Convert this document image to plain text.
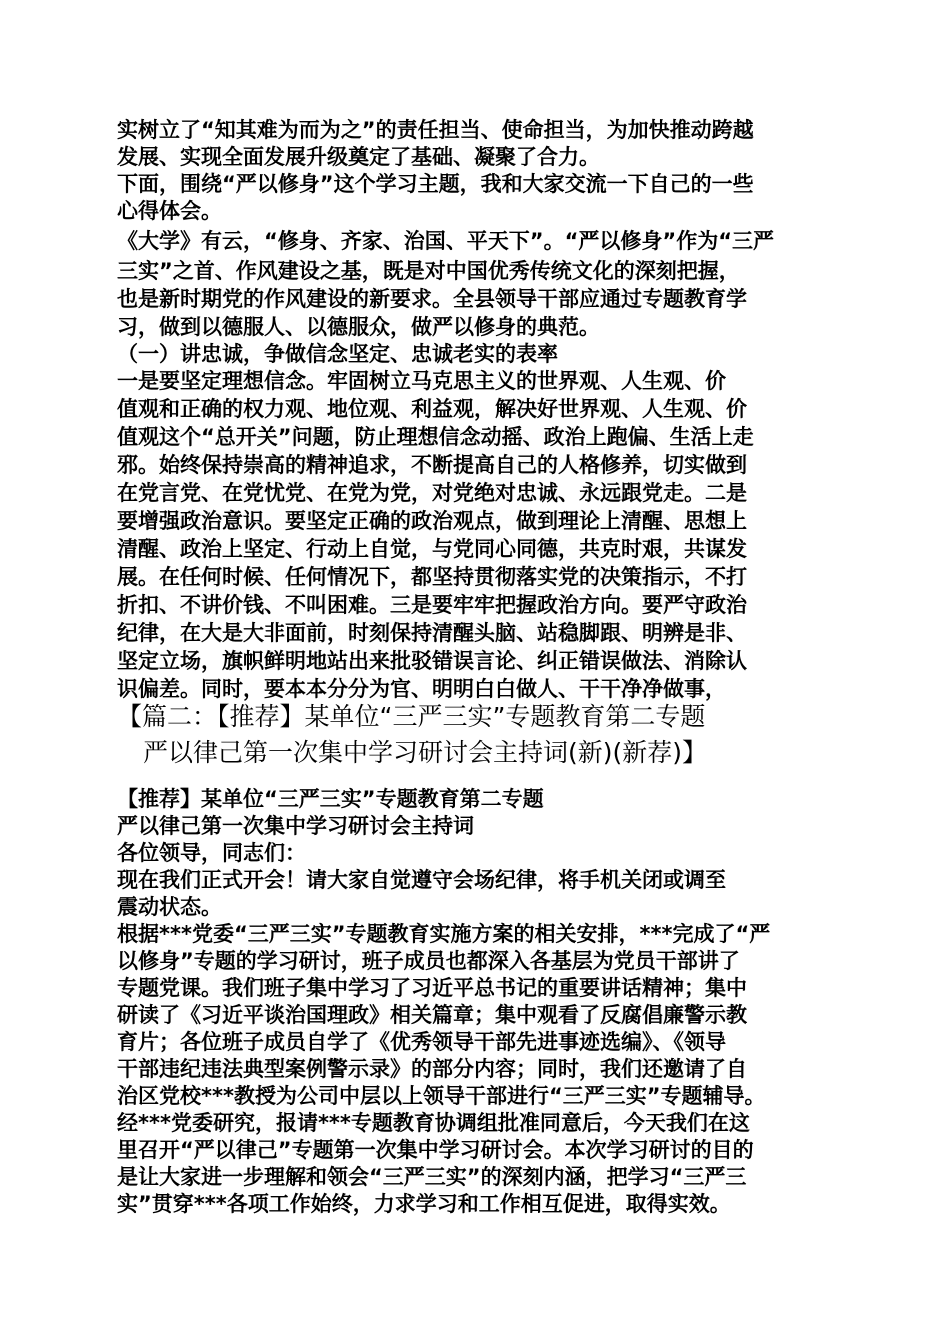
实树立了“知其难为而为之”的责任担当、使命担当，为加快推动跨越
发展、实现全面发展升级奠定了基础、凝聚了合力。
下面，围绕“严以修身”这个学习主题，我和大家交流一下自己的一些
心得体会。
《大学》有云，“修身、齐家、治国、平天下”。“严以修身”作为“三严
三实”之首、作风建设之基，既是对中国优秀传统文化的深刻把握，
也是新时期党的作风建设的新要求。全县领导干部应通过专题教育学
习，做到以德服人、以德服众，做严以修身的典范。
（一）讲忠诚，争做信念坚定、忠诚老实的表率
一是要坚定理想信念。牢固树立马克思主义的世界观、人生观、价
值观和正确的权力观、地位观、利益观，解决好世界观、人生观、价
值观这个“总开关”问题，防止理想信念动摇、政治上跑偏、生活上走
邪。始终保持崇高的精神追求，不断提高自己的人格修养，切实做到
在党言党、在党忧党、在党为党，对党绝对忠诚、永远跟党走。二是
要增强政治意识。要坚定正确的政治观点，做到理论上清醒、思想上
清醒、政治上坚定、行动上自觉，与党同心同德，共克时艰，共谋发
展。在任何时候、任何情况下，都坚持贯彻落实党的决策指示，不打
折扣、不讲价钱、不叫困难。三是要牢牢把握政治方向。要严守政治
纪律，在大是大非面前，时刻保持清醒头脑、站稳脚跟、明辨是非、
坚定立场，旗帜鲜明地站出来批驳错误言论、纠正错误做法、消除认
识偏差。同时，要本本分分为官、明明白白做人、干干净净做事，
【篇二：【推荐】某单位“三严三实”专题教育第二专题
严以律己第一次集中学习研讨会主持词(新)(新荐)】
【推荐】某单位“三严三实”专题教育第二专题
严以律己第一次集中学习研讨会主持词
各位领导，同志们：
现在我们正式开会！请大家自觉遵守会场纪律，将手机关闭或调至
震动状态。
根据***党委“三严三实”专题教育实施方案的相关安排，***完成了“严
以修身”专题的学习研讨，班子成员也都深入各基层为党员干部讲了
专题党课。我们班子集中学习了习近平总书记的重要讲话精神；集中
研读了《习近平谈治国理政》相关篇章；集中观看了反腐倡廉警示教
育片；各位班子成员自学了《优秀领导干部先进事迹选编》、《领导
干部违纪违法典型案例警示录》的部分内容；同时，我们还邀请了自
治区党校***教授为公司中层以上领导干部进行“三严三实”专题辅导。
经***党委研究，报请***专题教育协调组批准同意后，今天我们在这
里召开“严以律己”专题第一次集中学习研讨会。本次学习研讨的目的
是让大家进一步理解和领会“三严三实”的深刻内涵，把学习“三严三
实”贯穿***各项工作始终，力求学习和工作相互促进，取得实效。
